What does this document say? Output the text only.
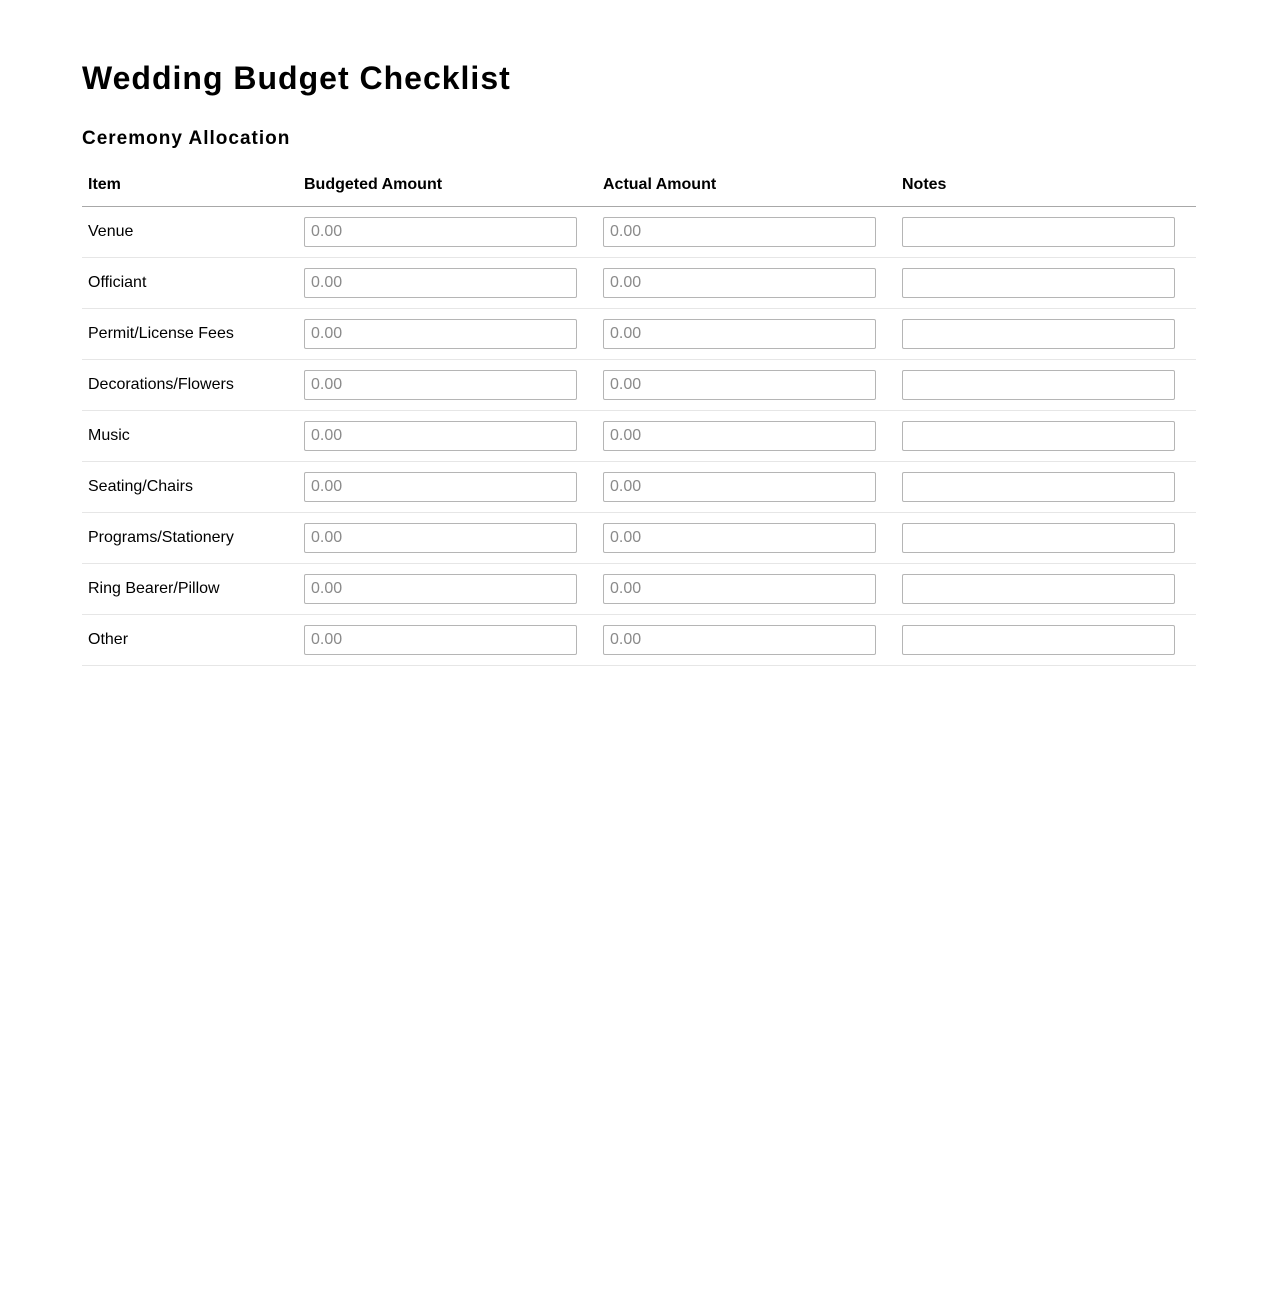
Wedding Budget Checklist
Ceremony Allocation
Item	Budgeted Amount	Actual Amount	Notes
Venue	0.00	0.00	
Officiant	0.00	0.00	
Permit/License Fees	0.00	0.00	
Decorations/Flowers	0.00	0.00	
Music	0.00	0.00	
Seating/Chairs	0.00	0.00	
Programs/Stationery	0.00	0.00	
Ring Bearer/Pillow	0.00	0.00	
Other	0.00	0.00	
